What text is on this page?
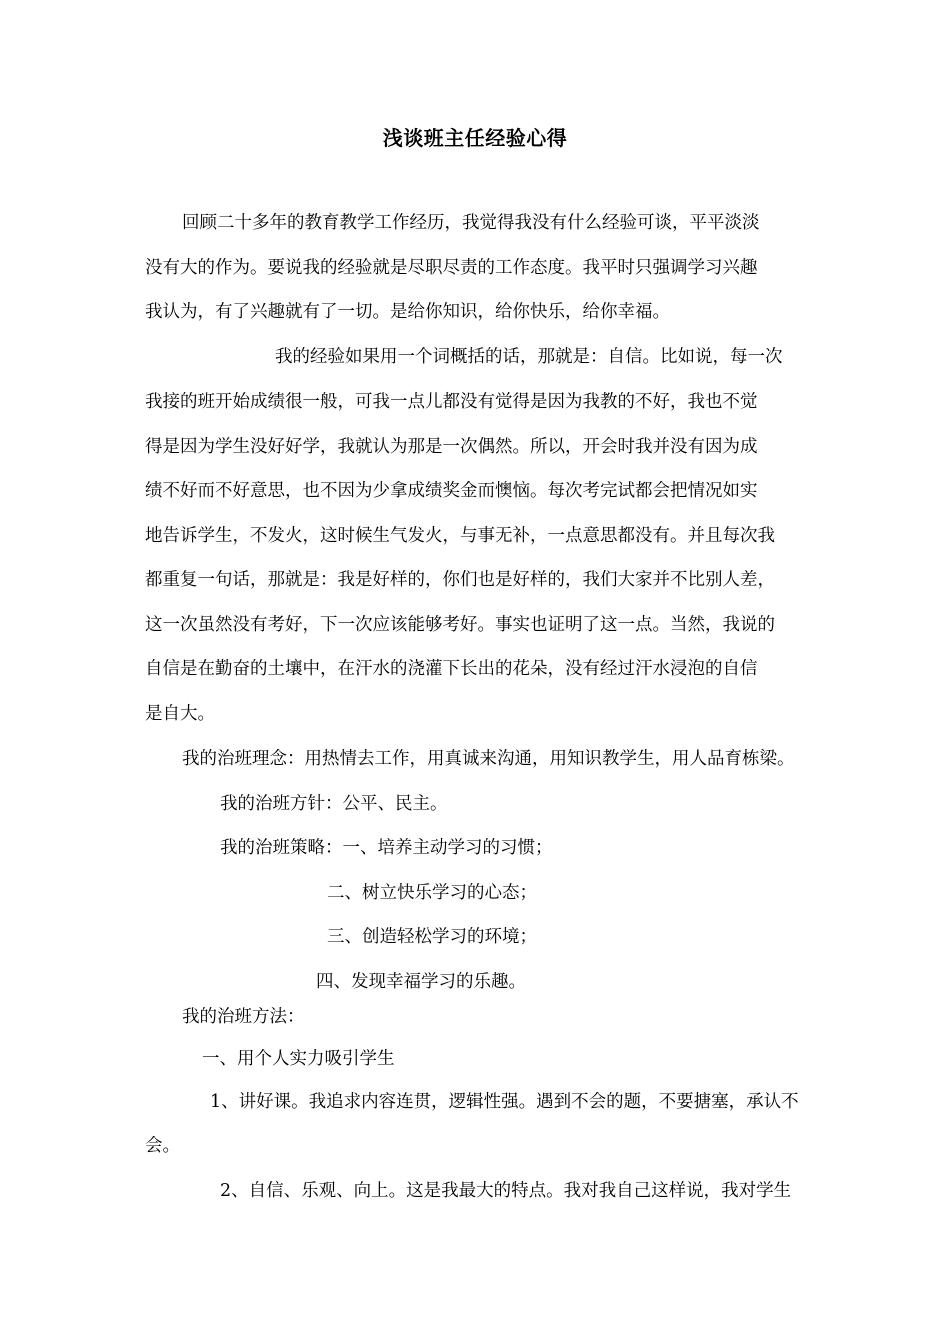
浅谈班主任经验心得
回顾二十多年的教育教学工作经历，我觉得我没有什么经验可谈，平平淡淡
没有大的作为。要说我的经验就是尽职尽责的工作态度。我平时只强调学习兴趣
我认为，有了兴趣就有了一切。是给你知识，给你快乐，给你幸福。
我的经验如果用一个词概括的话，那就是：自信。比如说，每一次
我接的班开始成绩很一般，可我一点儿都没有觉得是因为我教的不好，我也不觉
得是因为学生没好好学，我就认为那是一次偶然。所以，开会时我并没有因为成
绩不好而不好意思，也不因为少拿成绩奖金而懊恼。每次考完试都会把情况如实
地告诉学生，不发火，这时候生气发火，与事无补，一点意思都没有。并且每次我
都重复一句话，那就是：我是好样的，你们也是好样的，我们大家并不比别人差，
这一次虽然没有考好，下一次应该能够考好。事实也证明了这一点。当然，我说的
自信是在勤奋的土壤中，在汗水的浇灌下长出的花朵，没有经过汗水浸泡的自信
是自大。
我的治班理念：用热情去工作，用真诚来沟通，用知识教学生，用人品育栋梁。
我的治班方针：公平、民主。
我的治班策略：一、培养主动学习的习惯；
二、树立快乐学习的心态；
三、创造轻松学习的环境；
四、发现幸福学习的乐趣。
我的治班方法：
一、用个人实力吸引学生
1、讲好课。我追求内容连贯，逻辑性强。遇到不会的题，不要搪塞，承认不
会。
2、自信、乐观、向上。这是我最大的特点。我对我自己这样说，我对学生
